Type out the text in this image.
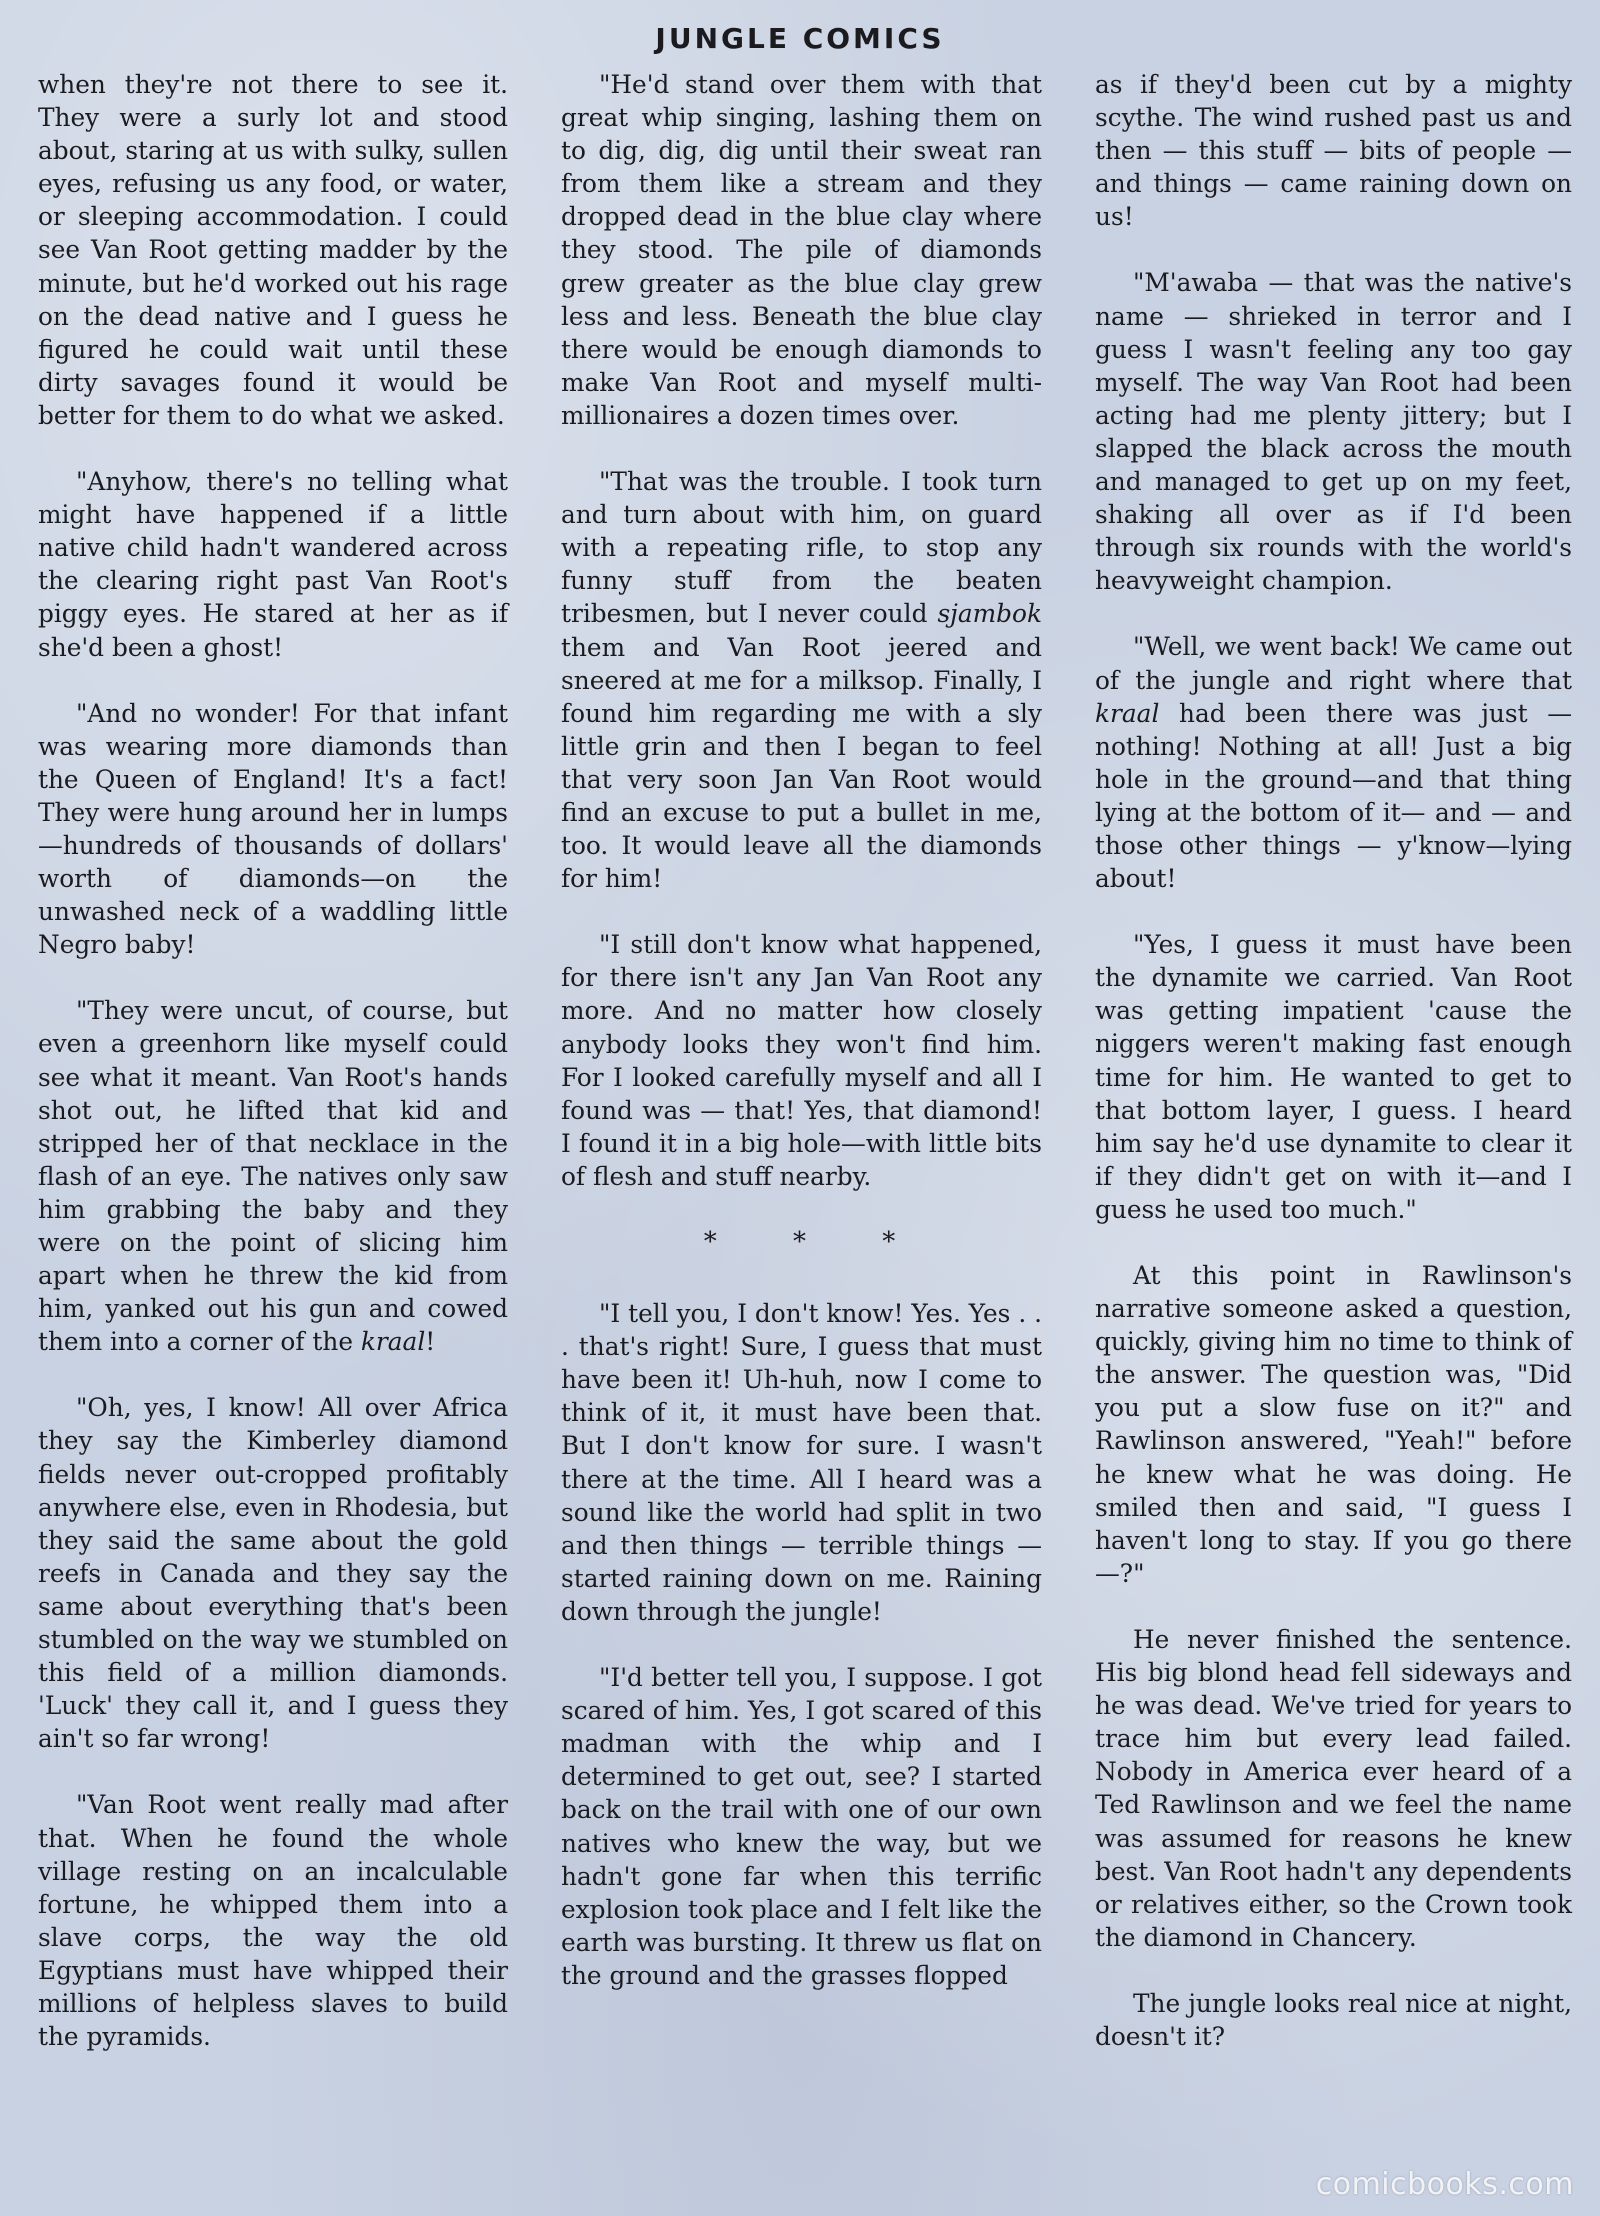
JUNGLE COMICS

when they're not there to see it. They were a surly lot and stood about, staring at us with sulky, sullen eyes, refusing us any food, or water, or sleeping accommodation. I could see Van Root getting madder by the minute, but he'd worked out his rage on the dead native and I guess he figured he could wait until these dirty savages found it would be better for them to do what we asked.

"Anyhow, there's no telling what might have happened if a little native child hadn't wandered across the clearing right past Van Root's piggy eyes. He stared at her as if she'd been a ghost!

"And no wonder! For that infant was wearing more diamonds than the Queen of England! It's a fact! They were hung around her in lumps—hundreds of thousands of dollars' worth of diamonds—on the unwashed neck of a waddling little Negro baby!

"They were uncut, of course, but even a greenhorn like myself could see what it meant. Van Root's hands shot out, he lifted that kid and stripped her of that necklace in the flash of an eye. The natives only saw him grabbing the baby and they were on the point of slicing him apart when he threw the kid from him, yanked out his gun and cowed them into a corner of the kraal!

"Oh, yes, I know! All over Africa they say the Kimberley diamond fields never out-cropped profitably anywhere else, even in Rhodesia, but they said the same about the gold reefs in Canada and they say the same about everything that's been stumbled on the way we stumbled on this field of a million diamonds. 'Luck' they call it, and I guess they ain't so far wrong!

"Van Root went really mad after that. When he found the whole village resting on an incalculable fortune, he whipped them into a slave corps, the way the old Egyptians must have whipped their millions of helpless slaves to build the pyramids.

"He'd stand over them with that great whip singing, lashing them on to dig, dig, dig until their sweat ran from them like a stream and they dropped dead in the blue clay where they stood. The pile of diamonds grew greater as the blue clay grew less and less. Beneath the blue clay there would be enough diamonds to make Van Root and myself multi-millionaires a dozen times over.

"That was the trouble. I took turn and turn about with him, on guard with a repeating rifle, to stop any funny stuff from the beaten tribesmen, but I never could sjambok them and Van Root jeered and sneered at me for a milksop. Finally, I found him regarding me with a sly little grin and then I began to feel that very soon Jan Van Root would find an excuse to put a bullet in me, too. It would leave all the diamonds for him!

"I still don't know what happened, for there isn't any Jan Van Root any more. And no matter how closely anybody looks they won't find him. For I looked carefully myself and all I found was — that! Yes, that diamond! I found it in a big hole—with little bits of flesh and stuff nearby.

* * *

"I tell you, I don't know! Yes. Yes . . . that's right! Sure, I guess that must have been it! Uh-huh, now I come to think of it, it must have been that. But I don't know for sure. I wasn't there at the time. All I heard was a sound like the world had split in two and then things — terrible things — started raining down on me. Raining down through the jungle!

"I'd better tell you, I suppose. I got scared of him. Yes, I got scared of this madman with the whip and I determined to get out, see? I started back on the trail with one of our own natives who knew the way, but we hadn't gone far when this terrific explosion took place and I felt like the earth was bursting. It threw us flat on the ground and the grasses flopped

as if they'd been cut by a mighty scythe. The wind rushed past us and then — this stuff — bits of people — and things — came raining down on us!

"M'awaba — that was the native's name — shrieked in terror and I guess I wasn't feeling any too gay myself. The way Van Root had been acting had me plenty jittery; but I slapped the black across the mouth and managed to get up on my feet, shaking all over as if I'd been through six rounds with the world's heavyweight champion.

"Well, we went back! We came out of the jungle and right where that kraal had been there was just —nothing! Nothing at all! Just a big hole in the ground—and that thing lying at the bottom of it— and — and those other things — y'know—lying about!

"Yes, I guess it must have been the dynamite we carried. Van Root was getting impatient 'cause the niggers weren't making fast enough time for him. He wanted to get to that bottom layer, I guess. I heard him say he'd use dynamite to clear it if they didn't get on with it—and I guess he used too much."

At this point in Rawlinson's narrative someone asked a question, quickly, giving him no time to think of the answer. The question was, "Did you put a slow fuse on it?" and Rawlinson answered, "Yeah!" before he knew what he was doing. He smiled then and said, "I guess I haven't long to stay. If you go there—?"

He never finished the sentence. His big blond head fell sideways and he was dead. We've tried for years to trace him but every lead failed. Nobody in America ever heard of a Ted Rawlinson and we feel the name was assumed for reasons he knew best. Van Root hadn't any dependents or relatives either, so the Crown took the diamond in Chancery.

The jungle looks real nice at night, doesn't it?

comicbooks.com
